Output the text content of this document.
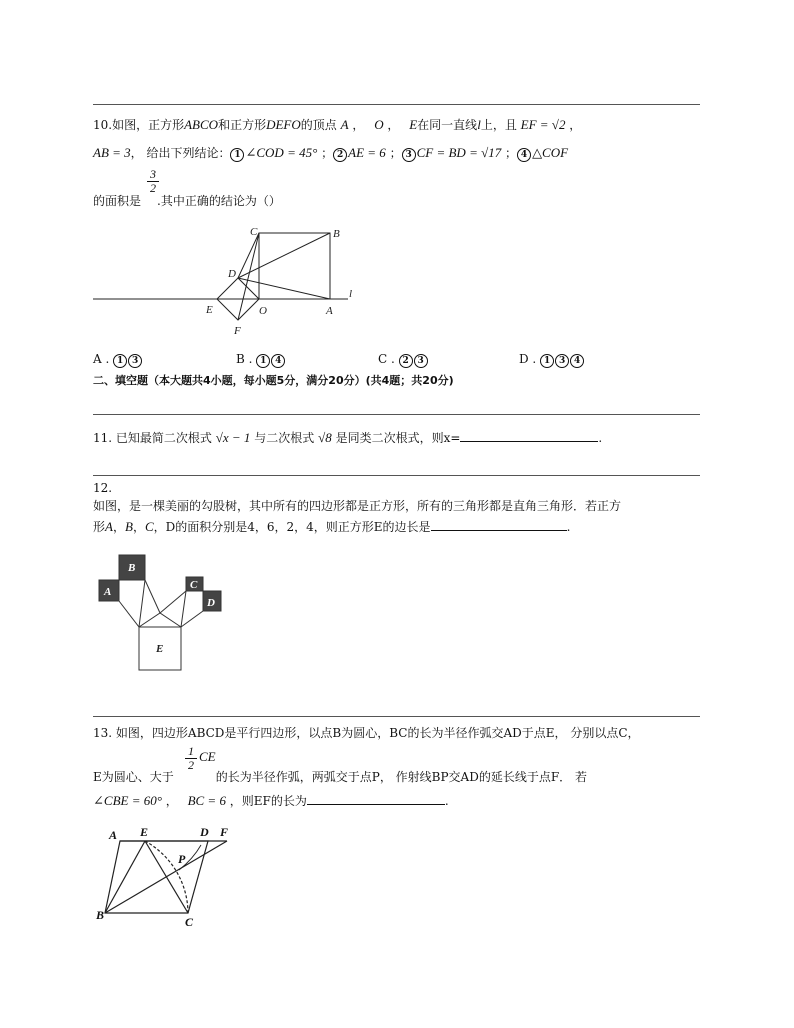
10.如图，正方形ABCO和正方形DEFO的顶点 A ， O ， E在同一直线l上，且 EF = √2 ，
AB = 3， 给出下列结论： 1 ∠COD = 45° ； 2 AE = 6 ； 3 CF = BD = √17 ； 4 △COF
3
2
的面积是 .其中正确的结论为（）
C	B
D
E	O	A
F
l
A . 1 3	B . 1 4	C . 2 3	D . 1 3 4
二、填空题（本大题共4小题，每小题5分，满分20分）(共4题；共20分)
11. 已知最简二次根式 √x − 1 与二次根式 √8 是同类二次根式，则x=	.
12.
如图，是一棵美丽的勾股树，其中所有的四边形都是正方形，所有的三角形都是直角三角形．若正方
形A，B，C，D的面积分别是4，6，2，4，则正方形E的边长是	.
B
A
C
D
E
13. 如图，四边形ABCD是平行四边形，以点B为圆心，BC的长为半径作弧交AD于点E， 分别以点C，
1
2
CE
E为圆心、大于	的长为半径作弧，两弧交于点P， 作射线BP交AD的延长线于点F． 若
∠CBE = 60° ， BC = 6 ，则EF的长为	.
A E	D F
P
B	C
